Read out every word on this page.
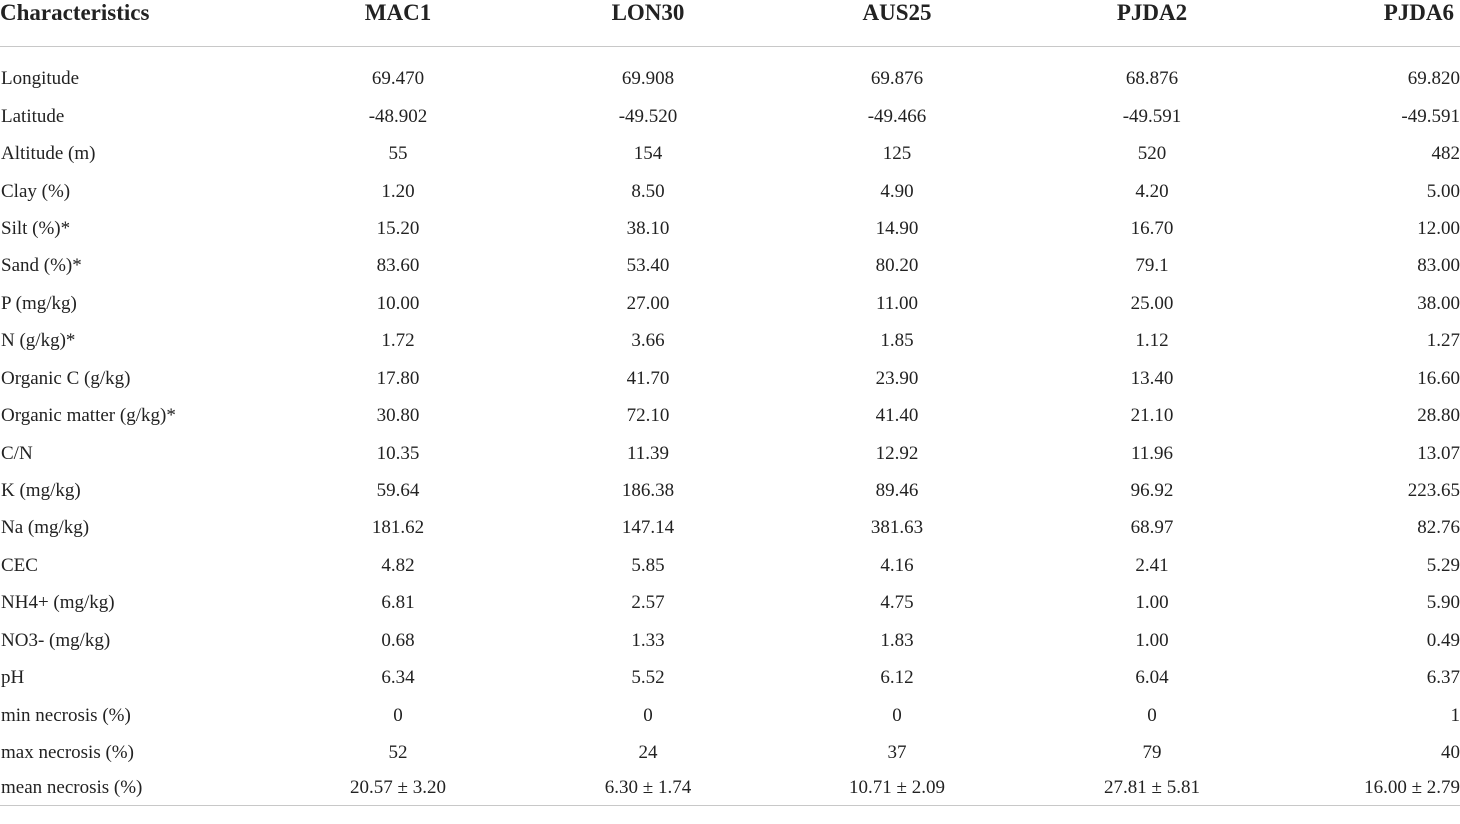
Characteristics	MAC1	LON30	AUS25	PJDA2	PJDA6

Longitude	69.470	69.908	69.876	68.876	69.820
Latitude	-48.902	-49.520	-49.466	-49.591	-49.591
Altitude (m)	55	154	125	520	482
Clay (%)	1.20	8.50	4.90	4.20	5.00
Silt (%)*	15.20	38.10	14.90	16.70	12.00
Sand (%)*	83.60	53.40	80.20	79.1	83.00
P (mg/kg)	10.00	27.00	11.00	25.00	38.00
N (g/kg)*	1.72	3.66	1.85	1.12	1.27
Organic C (g/kg)	17.80	41.70	23.90	13.40	16.60
Organic matter (g/kg)*	30.80	72.10	41.40	21.10	28.80
C/N	10.35	11.39	12.92	11.96	13.07
K (mg/kg)	59.64	186.38	89.46	96.92	223.65
Na (mg/kg)	181.62	147.14	381.63	68.97	82.76
CEC	4.82	5.85	4.16	2.41	5.29
NH4+ (mg/kg)	6.81	2.57	4.75	1.00	5.90
NO3- (mg/kg)	0.68	1.33	1.83	1.00	0.49
pH	6.34	5.52	6.12	6.04	6.37
min necrosis (%)	0	0	0	0	1
max necrosis (%)	52	24	37	79	40
mean necrosis (%)	20.57 ± 3.20	6.30 ± 1.74	10.71 ± 2.09	27.81 ± 5.81	16.00 ± 2.79
